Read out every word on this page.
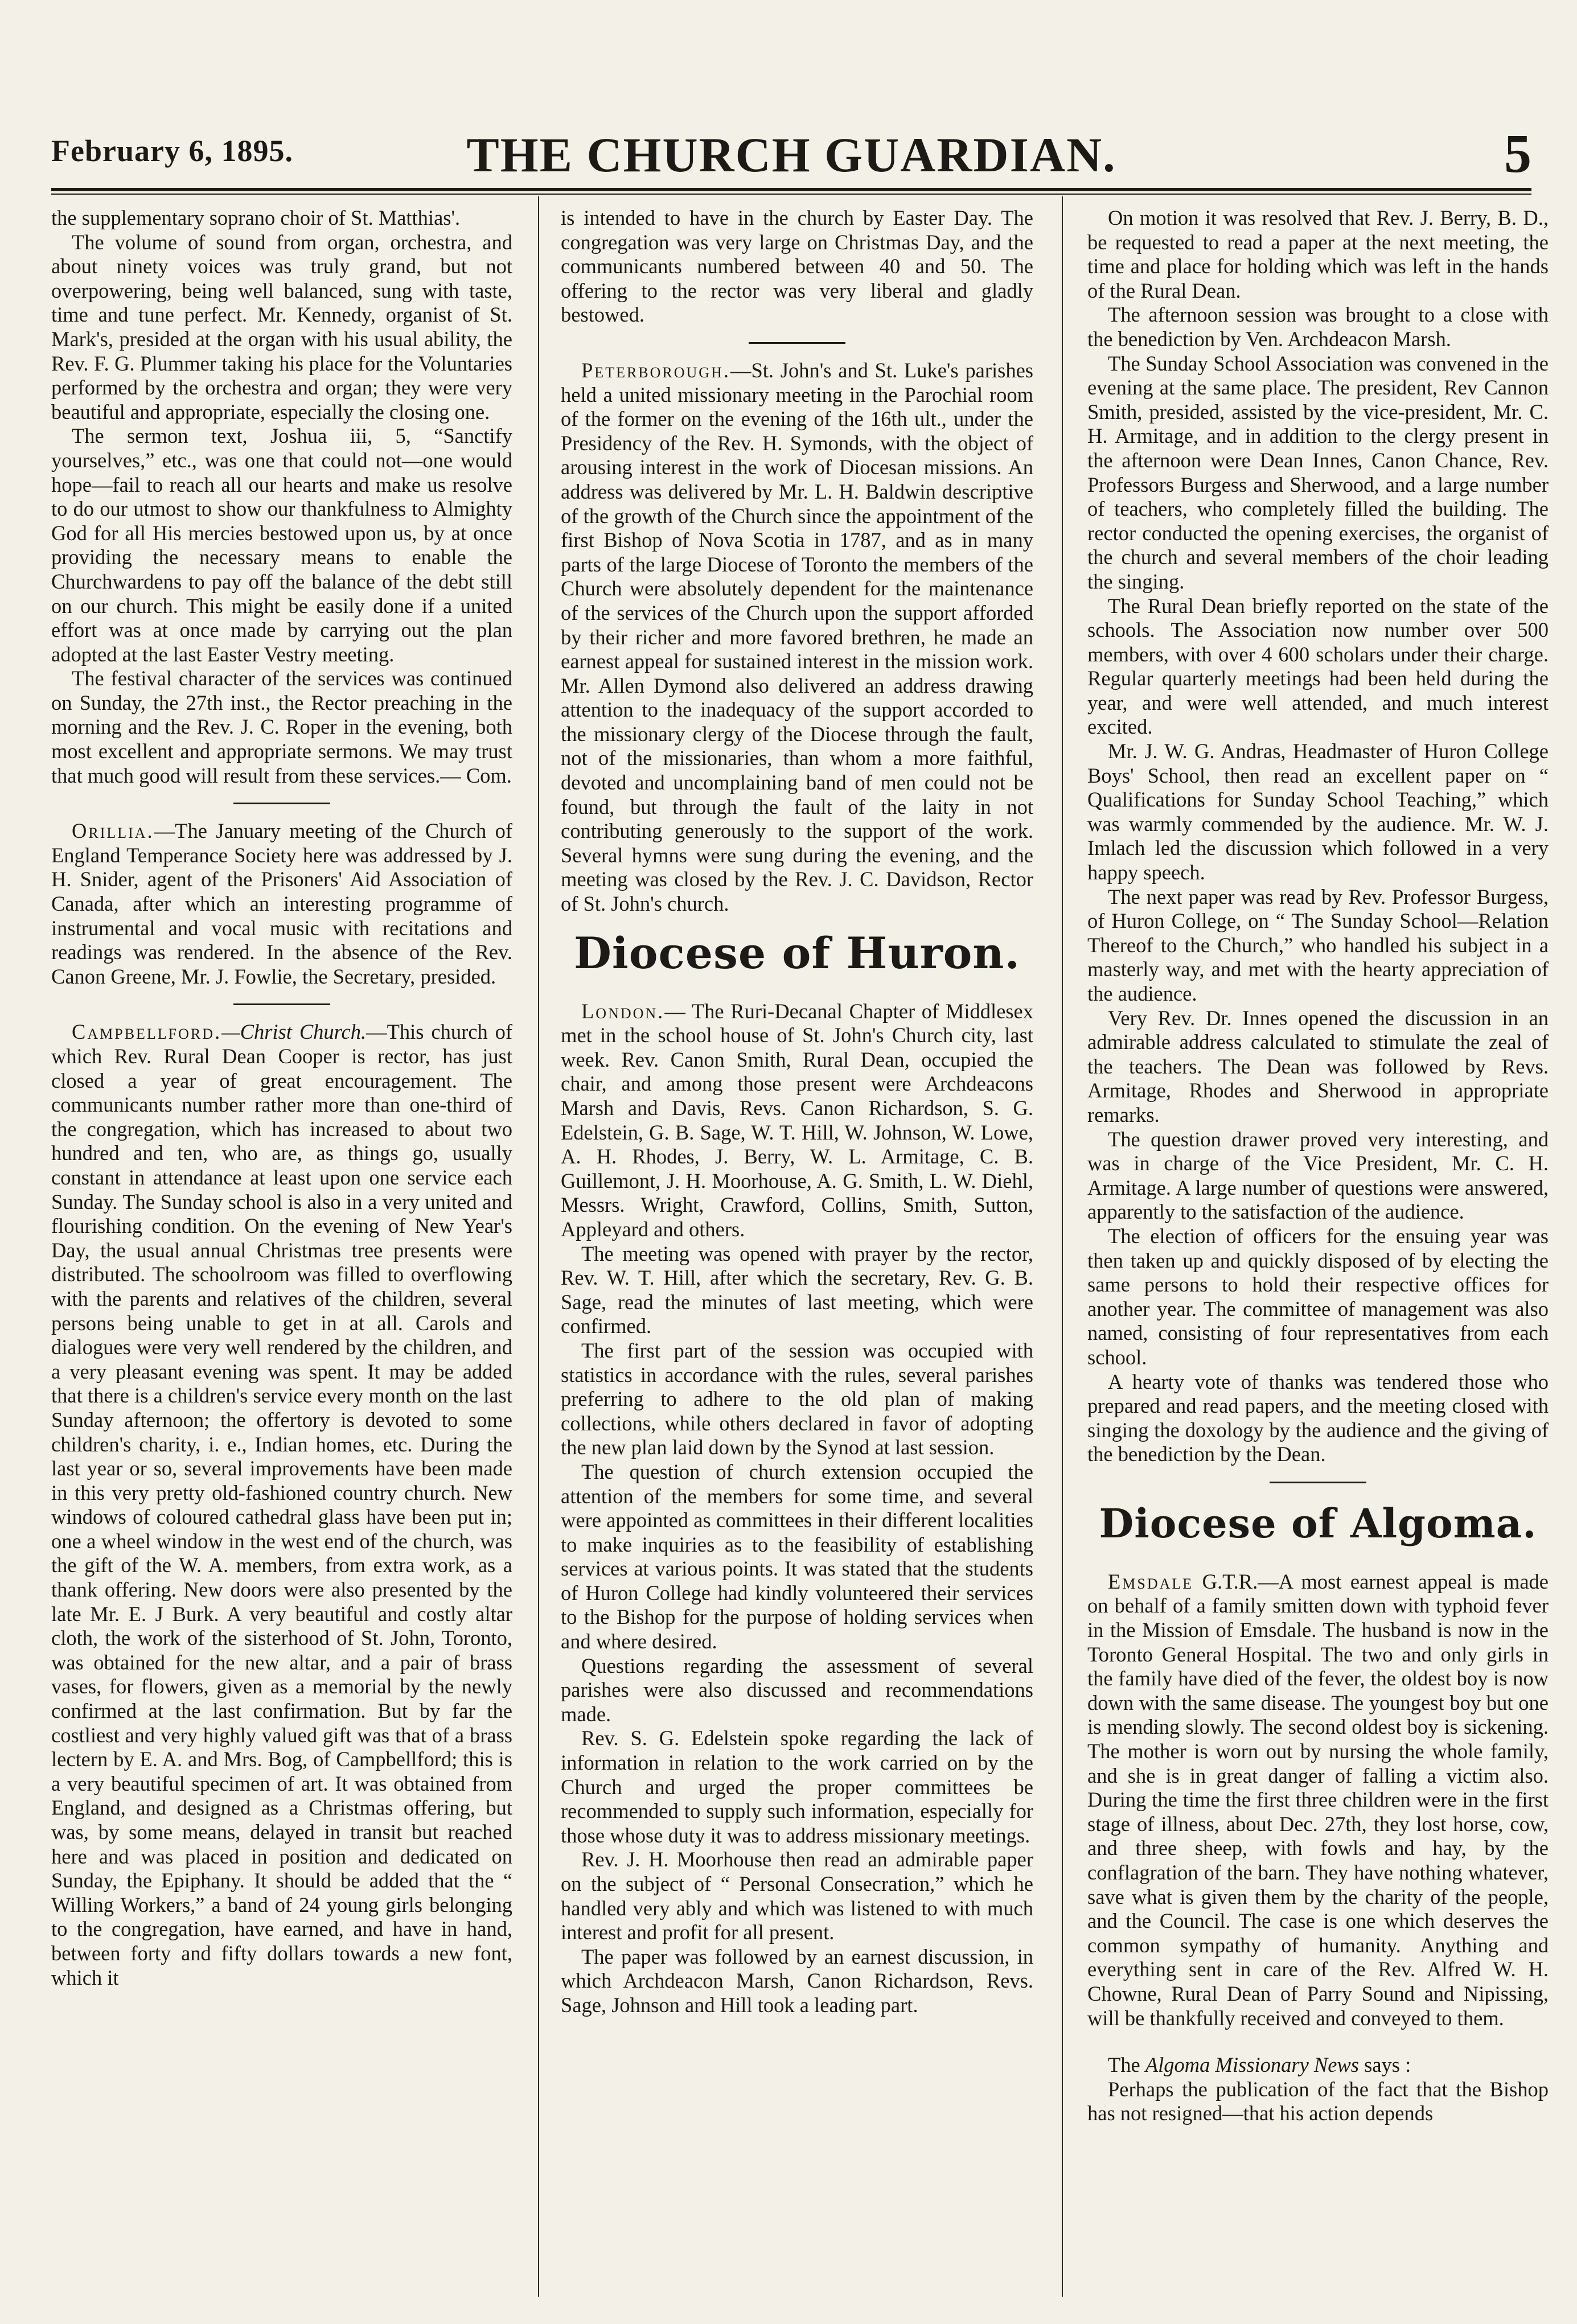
February 6, 1895.	THE CHURCH GUARDIAN.	5

the supplementary soprano choir of St. Matthias'.

The volume of sound from organ, orchestra, and about ninety voices was truly grand, but not overpowering, being well balanced, sung with taste, time and tune perfect. Mr. Kennedy, organist of St. Mark's, presided at the organ with his usual ability, the Rev. F. G. Plummer taking his place for the Voluntaries performed by the orchestra and organ; they were very beautiful and appropriate, especially the closing one.

The sermon text, Joshua iii, 5, “Sanctify yourselves,” etc., was one that could not—one would hope—fail to reach all our hearts and make us resolve to do our utmost to show our thankfulness to Almighty God for all His mercies bestowed upon us, by at once providing the necessary means to enable the Churchwardens to pay off the balance of the debt still on our church. This might be easily done if a united effort was at once made by carrying out the plan adopted at the last Easter Vestry meeting.

The festival character of the services was continued on Sunday, the 27th inst., the Rector preaching in the morning and the Rev. J. C. Roper in the evening, both most excellent and appropriate sermons. We may trust that much good will result from these services.— Com.

Orillia.—The January meeting of the Church of England Temperance Society here was addressed by J. H. Snider, agent of the Prisoners' Aid Association of Canada, after which an interesting programme of instrumental and vocal music with recitations and readings was rendered. In the absence of the Rev. Canon Greene, Mr. J. Fowlie, the Secretary, presided.

Campbellford.—Christ Church.—This church of which Rev. Rural Dean Cooper is rector, has just closed a year of great encouragement. The communicants number rather more than one-third of the congregation, which has increased to about two hundred and ten, who are, as things go, usually constant in attendance at least upon one service each Sunday. The Sunday school is also in a very united and flourishing condition. On the evening of New Year's Day, the usual annual Christmas tree presents were distributed. The schoolroom was filled to overflowing with the parents and relatives of the children, several persons being unable to get in at all. Carols and dialogues were very well rendered by the children, and a very pleasant evening was spent. It may be added that there is a children's service every month on the last Sunday afternoon; the offertory is devoted to some children's charity, i. e., Indian homes, etc. During the last year or so, several improvements have been made in this very pretty old-fashioned country church. New windows of coloured cathedral glass have been put in; one a wheel window in the west end of the church, was the gift of the W. A. members, from extra work, as a thank offering. New doors were also presented by the late Mr. E. J Burk. A very beautiful and costly altar cloth, the work of the sisterhood of St. John, Toronto, was obtained for the new altar, and a pair of brass vases, for flowers, given as a memorial by the newly confirmed at the last confirmation. But by far the costliest and very highly valued gift was that of a brass lectern by E. A. and Mrs. Bog, of Campbellford; this is a very beautiful specimen of art. It was obtained from England, and designed as a Christmas offering, but was, by some means, delayed in transit but reached here and was placed in position and dedicated on Sunday, the Epiphany. It should be added that the “ Willing Workers,” a band of 24 young girls belonging to the congregation, have earned, and have in hand, between forty and fifty dollars towards a new font, which it

is intended to have in the church by Easter Day. The congregation was very large on Christmas Day, and the communicants numbered between 40 and 50. The offering to the rector was very liberal and gladly bestowed.

Peterborough.—St. John's and St. Luke's parishes held a united missionary meeting in the Parochial room of the former on the evening of the 16th ult., under the Presidency of the Rev. H. Symonds, with the object of arousing interest in the work of Diocesan missions. An address was delivered by Mr. L. H. Baldwin descriptive of the growth of the Church since the appointment of the first Bishop of Nova Scotia in 1787, and as in many parts of the large Diocese of Toronto the members of the Church were absolutely dependent for the maintenance of the services of the Church upon the support afforded by their richer and more favored brethren, he made an earnest appeal for sustained interest in the mission work. Mr. Allen Dymond also delivered an address drawing attention to the inadequacy of the support accorded to the missionary clergy of the Diocese through the fault, not of the missionaries, than whom a more faithful, devoted and uncomplaining band of men could not be found, but through the fault of the laity in not contributing generously to the support of the work. Several hymns were sung during the evening, and the meeting was closed by the Rev. J. C. Davidson, Rector of St. John's church.

Diocese of Huron.

London.— The Ruri-Decanal Chapter of Middlesex met in the school house of St. John's Church city, last week. Rev. Canon Smith, Rural Dean, occupied the chair, and among those present were Archdeacons Marsh and Davis, Revs. Canon Richardson, S. G. Edelstein, G. B. Sage, W. T. Hill, W. Johnson, W. Lowe, A. H. Rhodes, J. Berry, W. L. Armitage, C. B. Guillemont, J. H. Moorhouse, A. G. Smith, L. W. Diehl, Messrs. Wright, Crawford, Collins, Smith, Sutton, Appleyard and others.

The meeting was opened with prayer by the rector, Rev. W. T. Hill, after which the secretary, Rev. G. B. Sage, read the minutes of last meeting, which were confirmed.

The first part of the session was occupied with statistics in accordance with the rules, several parishes preferring to adhere to the old plan of making collections, while others declared in favor of adopting the new plan laid down by the Synod at last session.

The question of church extension occupied the attention of the members for some time, and several were appointed as committees in their different localities to make inquiries as to the feasibility of establishing services at various points. It was stated that the students of Huron College had kindly volunteered their services to the Bishop for the purpose of holding services when and where desired.

Questions regarding the assessment of several parishes were also discussed and recommendations made.

Rev. S. G. Edelstein spoke regarding the lack of information in relation to the work carried on by the Church and urged the proper committees be recommended to supply such information, especially for those whose duty it was to address missionary meetings.

Rev. J. H. Moorhouse then read an admirable paper on the subject of “ Personal Consecration,” which he handled very ably and which was listened to with much interest and profit for all present.

The paper was followed by an earnest discussion, in which Archdeacon Marsh, Canon Richardson, Revs. Sage, Johnson and Hill took a leading part.

On motion it was resolved that Rev. J. Berry, B. D., be requested to read a paper at the next meeting, the time and place for holding which was left in the hands of the Rural Dean.

The afternoon session was brought to a close with the benediction by Ven. Archdeacon Marsh.

The Sunday School Association was convened in the evening at the same place. The president, Rev Cannon Smith, presided, assisted by the vice-president, Mr. C. H. Armitage, and in addition to the clergy present in the afternoon were Dean Innes, Canon Chance, Rev. Professors Burgess and Sherwood, and a large number of teachers, who completely filled the building. The rector conducted the opening exercises, the organist of the church and several members of the choir leading the singing.

The Rural Dean briefly reported on the state of the schools. The Association now number over 500 members, with over 4 600 scholars under their charge. Regular quarterly meetings had been held during the year, and were well attended, and much interest excited.

Mr. J. W. G. Andras, Headmaster of Huron College Boys' School, then read an excellent paper on “ Qualifications for Sunday School Teaching,” which was warmly commended by the audience. Mr. W. J. Imlach led the discussion which followed in a very happy speech.

The next paper was read by Rev. Professor Burgess, of Huron College, on “ The Sunday School—Relation Thereof to the Church,” who handled his subject in a masterly way, and met with the hearty appreciation of the audience.

Very Rev. Dr. Innes opened the discussion in an admirable address calculated to stimulate the zeal of the teachers. The Dean was followed by Revs. Armitage, Rhodes and Sherwood in appropriate remarks.

The question drawer proved very interesting, and was in charge of the Vice President, Mr. C. H. Armitage. A large number of questions were answered, apparently to the satisfaction of the audience.

The election of officers for the ensuing year was then taken up and quickly disposed of by electing the same persons to hold their respective offices for another year. The committee of management was also named, consisting of four representatives from each school.

A hearty vote of thanks was tendered those who prepared and read papers, and the meeting closed with singing the doxology by the audience and the giving of the benediction by the Dean.

Diocese of Algoma.

Emsdale G.T.R.—A most earnest appeal is made on behalf of a family smitten down with typhoid fever in the Mission of Emsdale. The husband is now in the Toronto General Hospital. The two and only girls in the family have died of the fever, the oldest boy is now down with the same disease. The youngest boy but one is mending slowly. The second oldest boy is sickening. The mother is worn out by nursing the whole family, and she is in great danger of falling a victim also. During the time the first three children were in the first stage of illness, about Dec. 27th, they lost horse, cow, and three sheep, with fowls and hay, by the conflagration of the barn. They have nothing whatever, save what is given them by the charity of the people, and the Council. The case is one which deserves the common sympathy of humanity. Anything and everything sent in care of the Rev. Alfred W. H. Chowne, Rural Dean of Parry Sound and Nipissing, will be thankfully received and conveyed to them.

The Algoma Missionary News says :

Perhaps the publication of the fact that the Bishop has not resigned—that his action depends
